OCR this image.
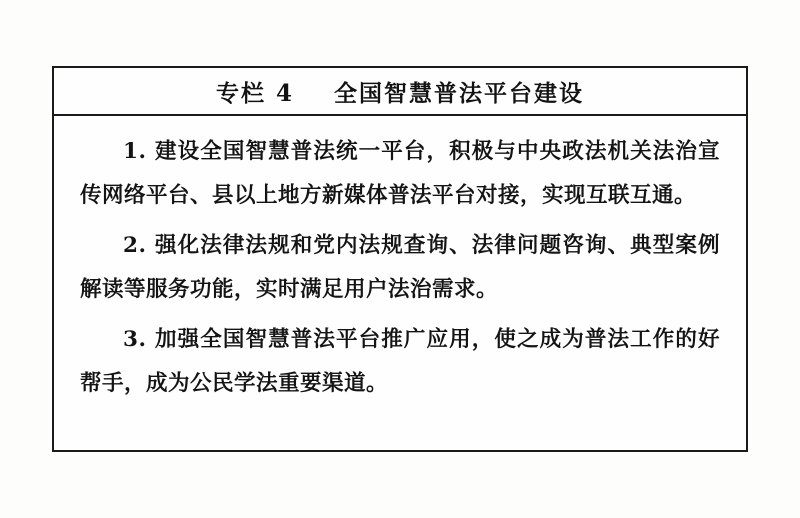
专栏 4    全国智慧普法平台建设

1. 建设全国智慧普法统一平台，积极与中央政法机关法治宣传网络平台、县以上地方新媒体普法平台对接，实现互联互通。

2. 强化法律法规和党内法规查询、法律问题咨询、典型案例解读等服务功能，实时满足用户法治需求。

3. 加强全国智慧普法平台推广应用，使之成为普法工作的好帮手，成为公民学法重要渠道。
